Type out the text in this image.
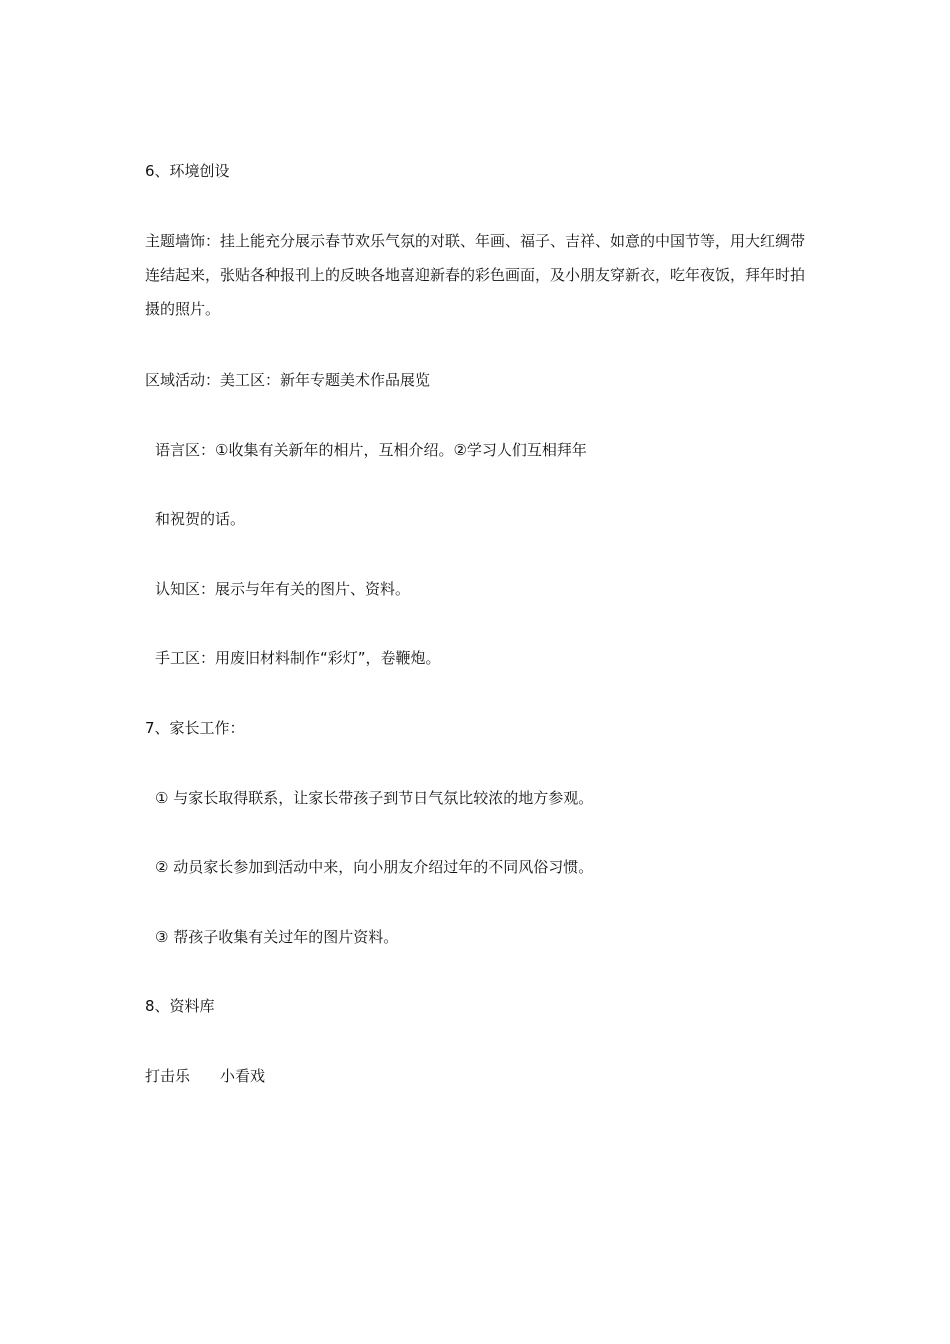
6、环境创设
主题墙饰：挂上能充分展示春节欢乐气氛的对联、年画、福子、吉祥、如意的中国节等，用大红绸带连结起来，张贴各种报刊上的反映各地喜迎新春的彩色画面，及小朋友穿新衣，吃年夜饭，拜年时拍摄的照片。
区域活动：美工区：新年专题美术作品展览
语言区：①收集有关新年的相片，互相介绍。②学习人们互相拜年
和祝贺的话。
认知区：展示与年有关的图片、资料。
手工区：用废旧材料制作“彩灯”，卷鞭炮。
7、家长工作：
① 与家长取得联系，让家长带孩子到节日气氛比较浓的地方参观。
② 动员家长参加到活动中来，向小朋友介绍过年的不同风俗习惯。
③ 帮孩子收集有关过年的图片资料。
8、资料库
打击乐 小看戏
